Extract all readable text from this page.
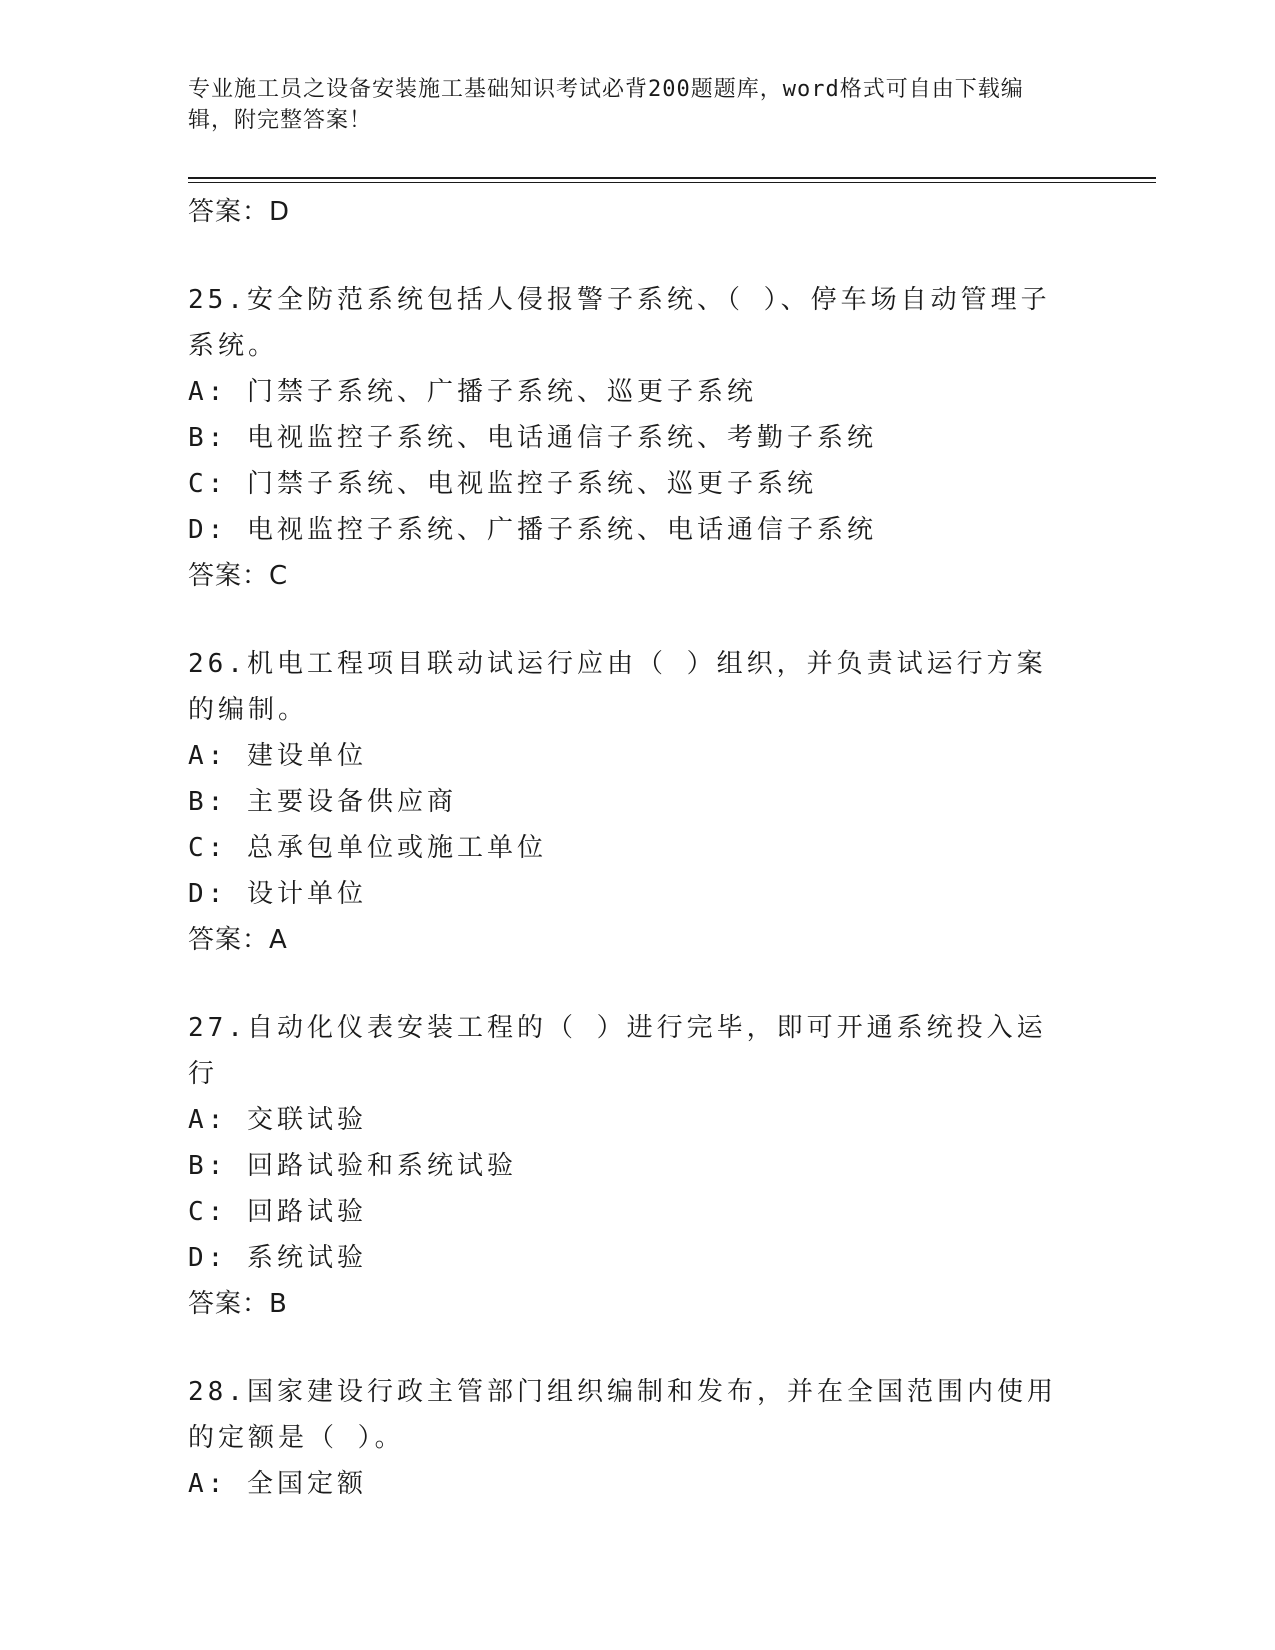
专业施工员之设备安装施工基础知识考试必背200题题库，word格式可自由下载编辑，附完整答案！
答案：D
25.安全防范系统包括人侵报警子系统、（ ）、停车场自动管理子系统。
A: 门禁子系统、广播子系统、巡更子系统
B: 电视监控子系统、电话通信子系统、考勤子系统
C: 门禁子系统、电视监控子系统、巡更子系统
D: 电视监控子系统、广播子系统、电话通信子系统
答案：C
26.机电工程项目联动试运行应由（ ）组织，并负责试运行方案的编制。
A: 建设单位
B: 主要设备供应商
C: 总承包单位或施工单位
D: 设计单位
答案：A
27.自动化仪表安装工程的（ ）进行完毕，即可开通系统投入运行
A: 交联试验
B: 回路试验和系统试验
C: 回路试验
D: 系统试验
答案：B
28.国家建设行政主管部门组织编制和发布，并在全国范围内使用的定额是（ ）。
A: 全国定额
